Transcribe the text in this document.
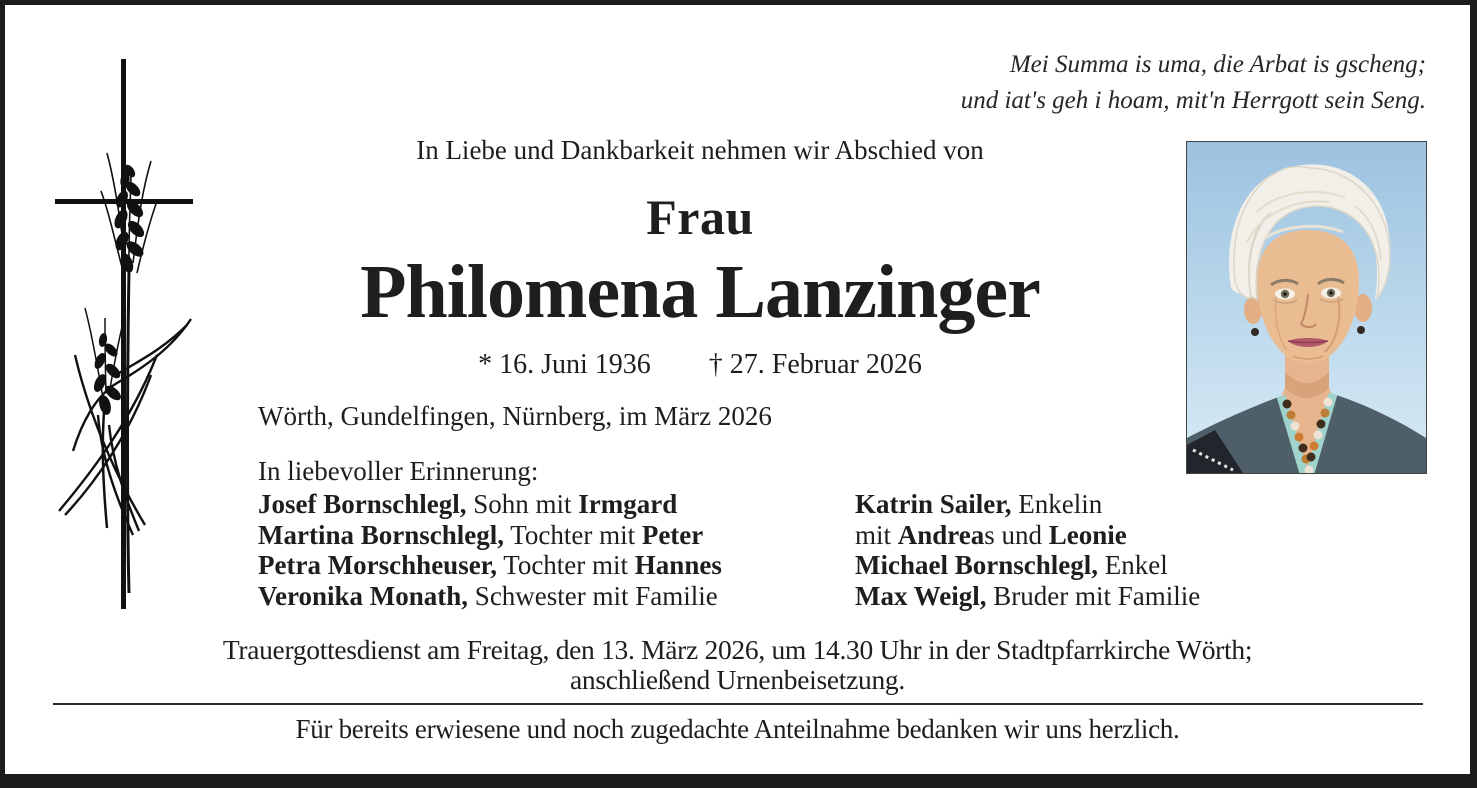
Mei Summa is uma, die Arbat is gscheng;
und iat's geh i hoam, mit'n Herrgott sein Seng.
In Liebe und Dankbarkeit nehmen wir Abschied von
Frau
Philomena Lanzinger
* 16. Juni 1936 † 27. Februar 2026
Wörth, Gundelfingen, Nürnberg, im März 2026
In liebevoller Erinnerung:
Josef Bornschlegl, Sohn mit Irmgard
Martina Bornschlegl, Tochter mit Peter
Petra Morschheuser, Tochter mit Hannes
Veronika Monath, Schwester mit Familie
Katrin Sailer, Enkelin
mit Andreas und Leonie
Michael Bornschlegl, Enkel
Max Weigl, Bruder mit Familie
Trauergottesdienst am Freitag, den 13. März 2026, um 14.30 Uhr in der Stadtpfarrkirche Wörth;
anschließend Urnenbeisetzung.
Für bereits erwiesene und noch zugedachte Anteilnahme bedanken wir uns herzlich.
